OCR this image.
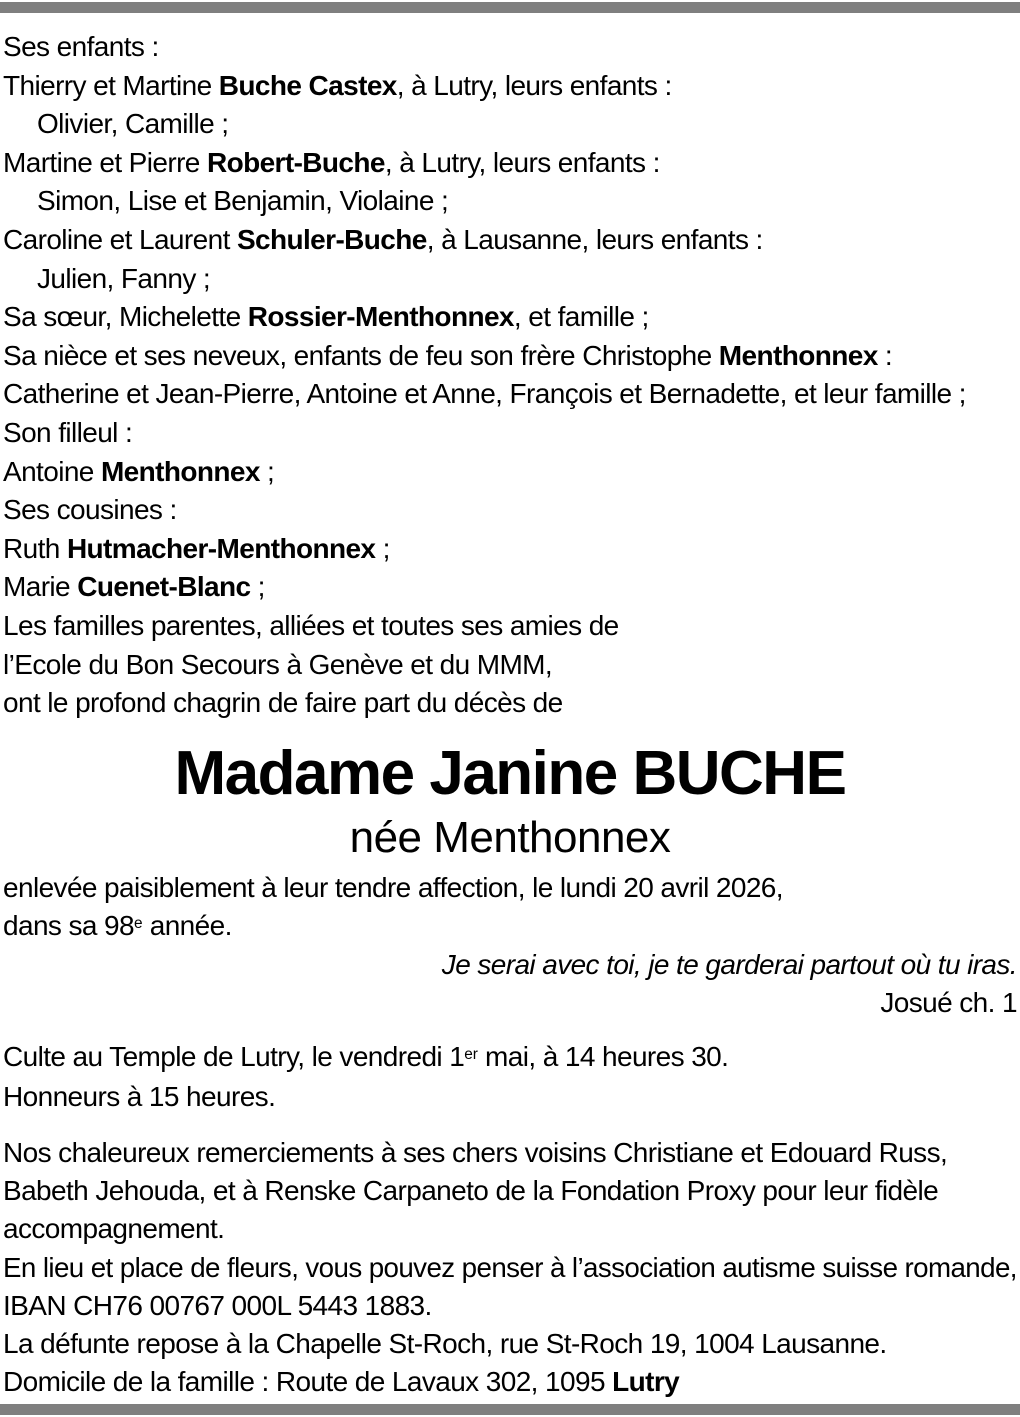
Ses enfants :
Thierry et Martine Buche Castex, à Lutry, leurs enfants :
Olivier, Camille ;
Martine et Pierre Robert-Buche, à Lutry, leurs enfants :
Simon, Lise et Benjamin, Violaine ;
Caroline et Laurent Schuler-Buche, à Lausanne, leurs enfants :
Julien, Fanny ;
Sa sœur, Michelette Rossier-Menthonnex, et famille ;
Sa nièce et ses neveux, enfants de feu son frère Christophe Menthonnex :
Catherine et Jean-Pierre, Antoine et Anne, François et Bernadette, et leur famille ;
Son filleul :
Antoine Menthonnex ;
Ses cousines :
Ruth Hutmacher-Menthonnex ;
Marie Cuenet-Blanc ;
Les familles parentes, alliées et toutes ses amies de
l’Ecole du Bon Secours à Genève et du MMM,
ont le profond chagrin de faire part du décès de
Madame Janine BUCHE
née Menthonnex
enlevée paisiblement à leur tendre affection, le lundi 20 avril 2026,
dans sa 98e année.
Je serai avec toi, je te garderai partout où tu iras.
Josué ch. 1
Culte au Temple de Lutry, le vendredi 1er mai, à 14 heures 30.
Honneurs à 15 heures.
Nos chaleureux remerciements à ses chers voisins Christiane et Edouard Russ,
Babeth Jehouda, et à Renske Carpaneto de la Fondation Proxy pour leur fidèle
accompagnement.
En lieu et place de fleurs, vous pouvez penser à l’association autisme suisse romande,
IBAN CH76 00767 000L 5443 1883.
La défunte repose à la Chapelle St-Roch, rue St-Roch 19, 1004 Lausanne.
Domicile de la famille : Route de Lavaux 302, 1095 Lutry
